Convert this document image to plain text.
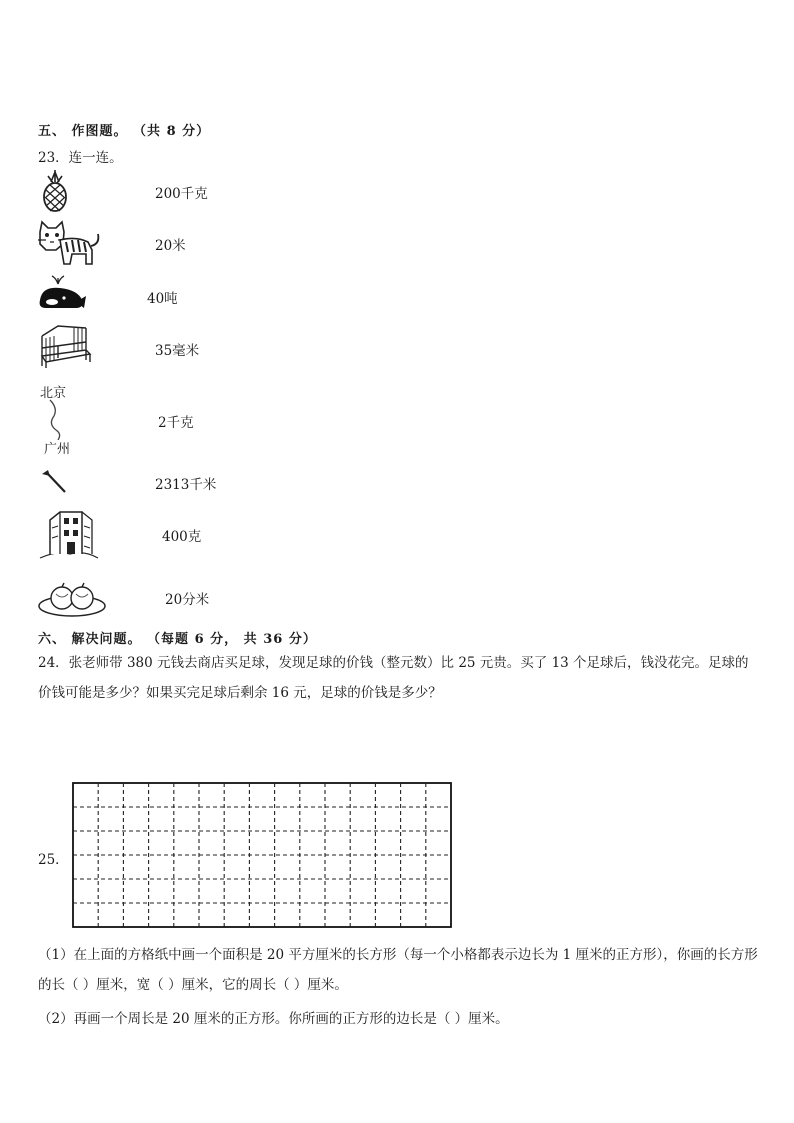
五、 作图题。 （共 8 分）
23．连一连。
200千克
20米
40吨
35毫米
北京
广州
2千克
2313千米
400克
20分米
六、 解决问题。 （每题 6 分， 共 36 分）
24．张老师带 380 元钱去商店买足球，发现足球的价钱（整元数）比 25 元贵。买了 13 个足球后，钱没花完。足球的价钱可能是多少？如果买完足球后剩余 16 元，足球的价钱是多少？
25．
（1）在上面的方格纸中画一个面积是 20 平方厘米的长方形（每一个小格都表示边长为 1 厘米的正方形），你画的长方形的长（ ）厘米，宽（ ）厘米，它的周长（ ）厘米。
（2）再画一个周长是 20 厘米的正方形。你所画的正方形的边长是（ ）厘米。
